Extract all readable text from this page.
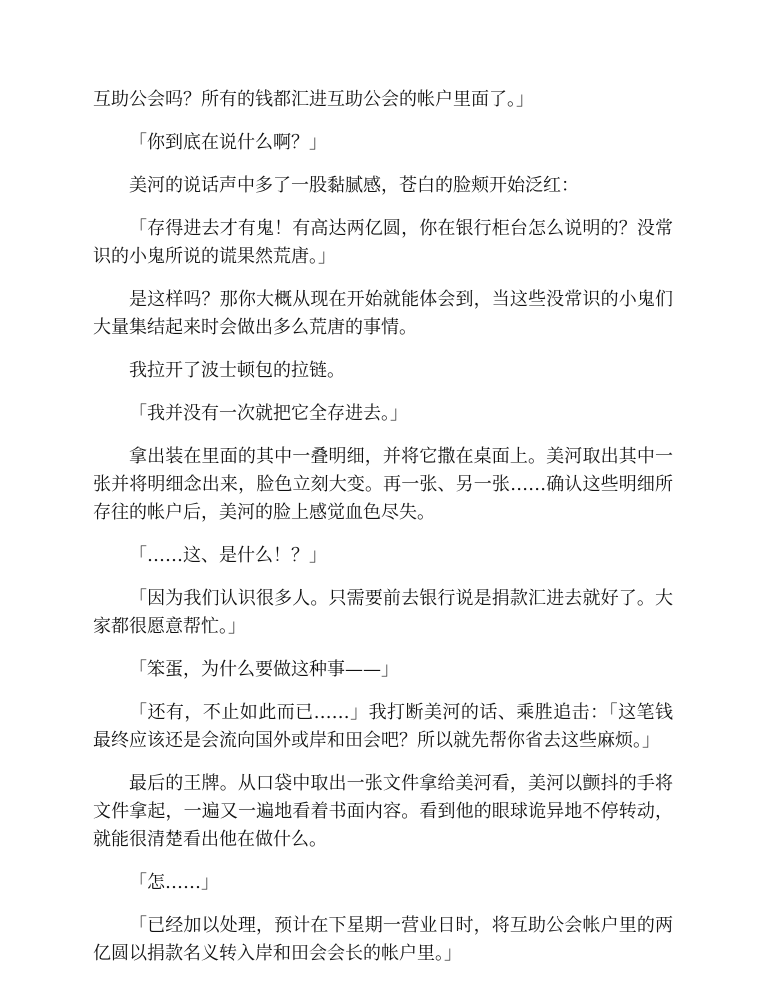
互助公会吗？所有的钱都汇进互助公会的帐户里面了。」

「你到底在说什么啊？」

美河的说话声中多了一股黏腻感，苍白的脸颊开始泛红：

「存得进去才有鬼！有高达两亿圆，你在银行柜台怎么说明的？没常识的小鬼所说的谎果然荒唐。」

是这样吗？那你大概从现在开始就能体会到，当这些没常识的小鬼们大量集结起来时会做出多么荒唐的事情。

我拉开了波士顿包的拉链。

「我并没有一次就把它全存进去。」

拿出装在里面的其中一叠明细，并将它撒在桌面上。美河取出其中一张并将明细念出来，脸色立刻大变。再一张、另一张……确认这些明细所存往的帐户后，美河的脸上感觉血色尽失。

「……这、是什么！？」

「因为我们认识很多人。只需要前去银行说是捐款汇进去就好了。大家都很愿意帮忙。」

「笨蛋，为什么要做这种事——」

「还有，不止如此而已……」我打断美河的话、乘胜追击：「这笔钱最终应该还是会流向国外或岸和田会吧？所以就先帮你省去这些麻烦。」

最后的王牌。从口袋中取出一张文件拿给美河看，美河以颤抖的手将文件拿起，一遍又一遍地看着书面内容。看到他的眼球诡异地不停转动，就能很清楚看出他在做什么。

「怎……」

「已经加以处理，预计在下星期一营业日时，将互助公会帐户里的两亿圆以捐款名义转入岸和田会会长的帐户里。」
